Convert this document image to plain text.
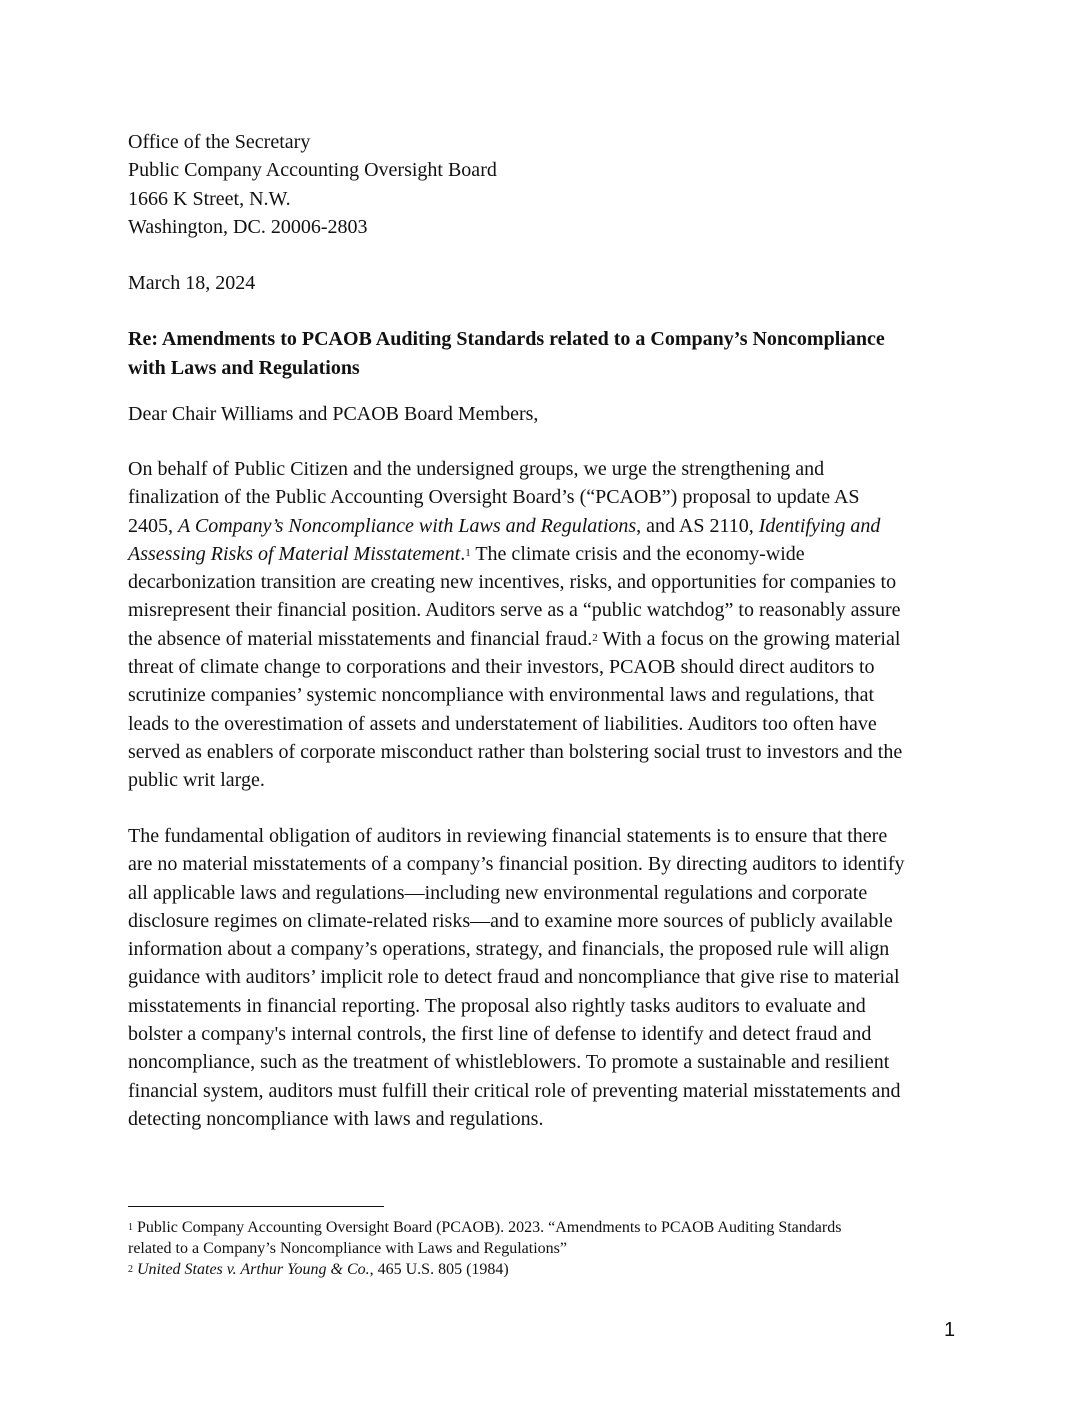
Office of the Secretary
Public Company Accounting Oversight Board
1666 K Street, N.W.
Washington, DC. 20006-2803
March 18, 2024
Re: Amendments to PCAOB Auditing Standards related to a Company’s Noncompliance
with Laws and Regulations
Dear Chair Williams and PCAOB Board Members,
On behalf of Public Citizen and the undersigned groups, we urge the strengthening and
finalization of the Public Accounting Oversight Board’s (“PCAOB”) proposal to update AS
2405, A Company’s Noncompliance with Laws and Regulations, and AS 2110, Identifying and
Assessing Risks of Material Misstatement.$^1$ The climate crisis and the economy-wide
decarbonization transition are creating new incentives, risks, and opportunities for companies to
misrepresent their financial position. Auditors serve as a “public watchdog” to reasonably assure
the absence of material misstatements and financial fraud.$^2$ With a focus on the growing material
threat of climate change to corporations and their investors, PCAOB should direct auditors to
scrutinize companies’ systemic noncompliance with environmental laws and regulations, that
leads to the overestimation of assets and understatement of liabilities. Auditors too often have
served as enablers of corporate misconduct rather than bolstering social trust to investors and the
public writ large.
The fundamental obligation of auditors in reviewing financial statements is to ensure that there
are no material misstatements of a company’s financial position. By directing auditors to identify
all applicable laws and regulations—including new environmental regulations and corporate
disclosure regimes on climate-related risks—and to examine more sources of publicly available
information about a company’s operations, strategy, and financials, the proposed rule will align
guidance with auditors’ implicit role to detect fraud and noncompliance that give rise to material
misstatements in financial reporting. The proposal also rightly tasks auditors to evaluate and
bolster a company's internal controls, the first line of defense to identify and detect fraud and
noncompliance, such as the treatment of whistleblowers. To promote a sustainable and resilient
financial system, auditors must fulfill their critical role of preventing material misstatements and
detecting noncompliance with laws and regulations.
$^1$ Public Company Accounting Oversight Board (PCAOB). 2023. “Amendments to PCAOB Auditing Standards
related to a Company’s Noncompliance with Laws and Regulations”
$^2$ United States v. Arthur Young & Co., 465 U.S. 805 (1984)
1
